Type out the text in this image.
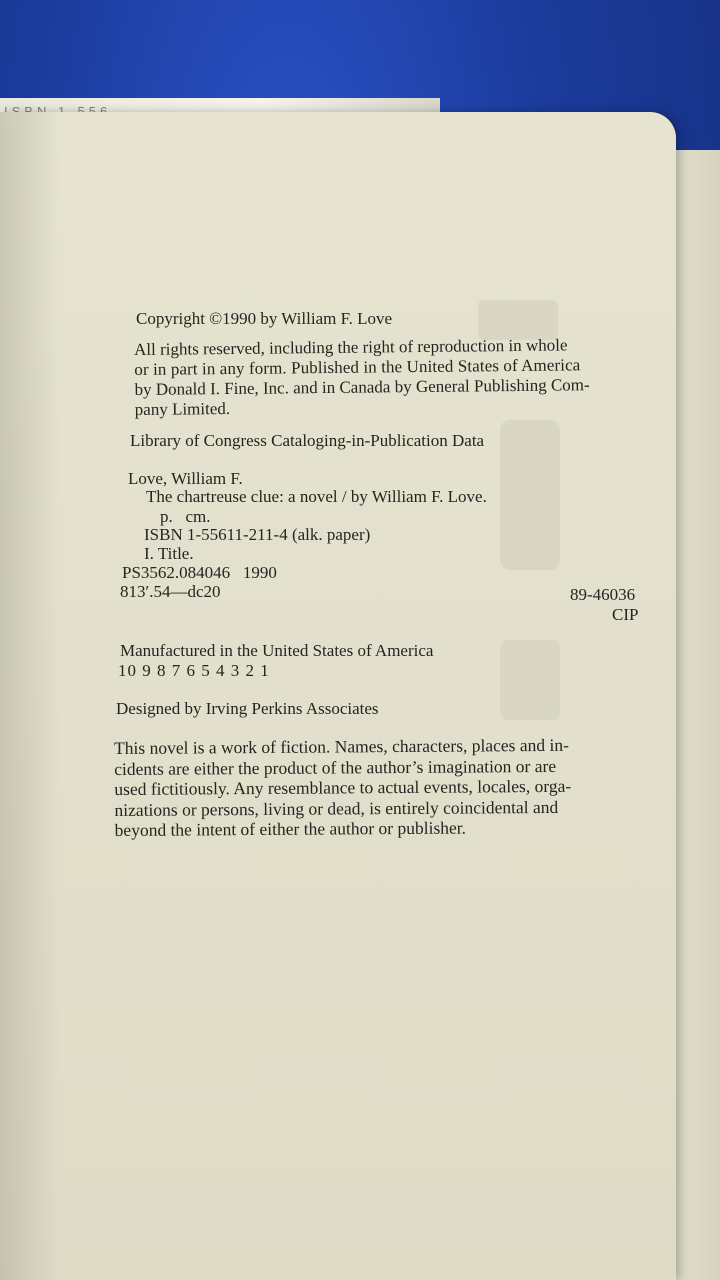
Copyright ©1990 by William F. Love
All rights reserved, including the right of reproduction in whole
or in part in any form. Published in the United States of America
by Donald I. Fine, Inc. and in Canada by General Publishing Com-
pany Limited.
Library of Congress Cataloging-in-Publication Data
Love, William F.
The chartreuse clue: a novel / by William F. Love.
p.   cm.
ISBN 1-55611-211-4 (alk. paper)
I. Title.
PS3562.084046   1990
813′.54—dc20	89-46036
CIP
Manufactured in the United States of America
10 9 8 7 6 5 4 3 2 1
Designed by Irving Perkins Associates
This novel is a work of fiction. Names, characters, places and in-
cidents are either the product of the author’s imagination or are
used fictitiously. Any resemblance to actual events, locales, orga-
nizations or persons, living or dead, is entirely coincidental and
beyond the intent of either the author or publisher.
